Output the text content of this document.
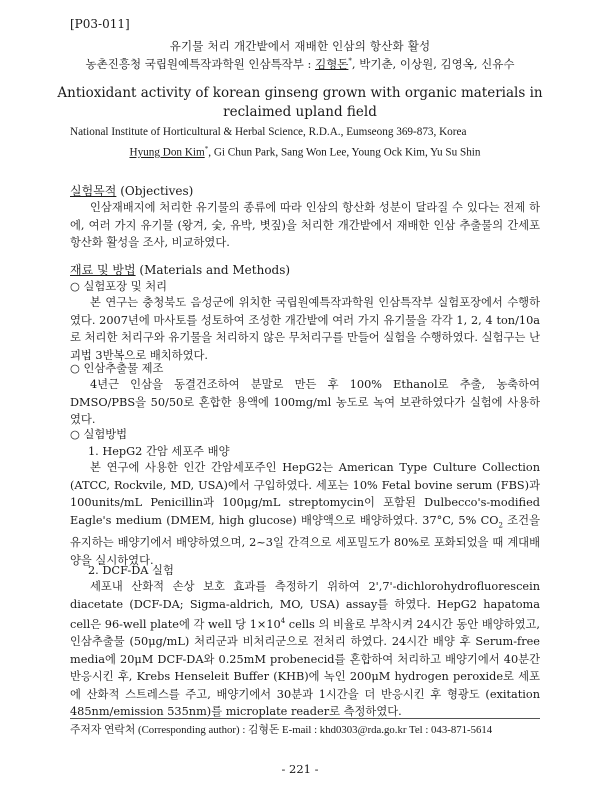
[P03-011]
유기물 처리 개간밭에서 재배한 인삼의 항산화 활성
농촌진흥청 국립원예특작과학원 인삼특작부 : 김형돈*, 박기춘, 이상원, 김영옥, 신유수
Antioxidant activity of korean ginseng grown with organic materials in
reclaimed upland field
National Institute of Horticultural & Herbal Science, R.D.A., Eumseong 369-873, Korea
Hyung Don Kim*, Gi Chun Park, Sang Won Lee, Young Ock Kim, Yu Su Shin
실험목적 (Objectives)

인삼재배지에 처리한 유기물의 종류에 따라 인삼의 항산화 성분이 달라질 수 있다는 전제 하에, 여러 가지 유기물 (왕겨, 숯, 유박, 볏짚)을 처리한 개간밭에서 재배한 인삼 추출물의 간세포 항산화 활성을 조사, 비교하였다.

재료 및 방법 (Materials and Methods)
○ 실험포장 및 처리

본 연구는 충청북도 음성군에 위치한 국립원예특작과학원 인삼특작부 실험포장에서 수행하였다. 2007년에 마사토를 성토하여 조성한 개간밭에 여러 가지 유기물을 각각 1, 2, 4 ton/10a로 처리한 처리구와 유기물을 처리하지 않은 무처리구를 만들어 실험을 수행하였다. 실험구는 난괴법 3반복으로 배치하였다.

○ 인삼추출물 제조

4년근 인삼을 동결건조하여 분말로 만든 후 100% Ethanol로 추출, 농축하여 DMSO/PBS을 50/50로 혼합한 용액에 100mg/ml 농도로 녹여 보관하였다가 실험에 사용하였다.

○ 실험방법
1. HepG2 간암 세포주 배양

본 연구에 사용한 인간 간암세포주인 HepG2는 American Type Culture Collection (ATCC, Rockvile, MD, USA)에서 구입하였다. 세포는 10% Fetal bovine serum (FBS)과 100units/mL Penicillin과 100μg/mL streptomycin이 포함된 Dulbecco's-modified Eagle's medium (DMEM, high glucose) 배양액으로 배양하였다. 37°C, 5% $CO_2$ 조건을 유지하는 배양기에서 배양하였으며, 2~3일 간격으로 세포밀도가 80%로 포화되었을 때 계대배양을 실시하였다.

2. DCF-DA 실험

세포내 산화적 손상 보호 효과를 측정하기 위하여 2',7'-dichlorohydrofluorescein diacetate (DCF-DA; Sigma-aldrich, MO, USA) assay를 하였다. HepG2 hapatoma cell은 96-well plate에 각 well 당 $1\times 10^4$ cells 의 비율로 부착시켜 24시간 동안 배양하였고, 인삼추출물 (50μg/mL) 처리군과 비처리군으로 전처리 하였다. 24시간 배양 후 Serum-free media에 20μM DCF-DA와 0.25mM probenecid를 혼합하여 처리하고 배양기에서 40분간 반응시킨 후, Krebs Henseleit Buffer (KHB)에 녹인 200μM hydrogen peroxide로 세포에 산화적 스트레스를 주고, 배양기에서 30분과 1시간을 더 반응시킨 후 형광도 (exitation 485nm/emission 535nm)를 microplate reader로 측정하였다.

주저자 연락처 (Corresponding author) : 김형돈 E-mail : khd0303@rda.go.kr Tel : 043-871-5614
- 221 -
